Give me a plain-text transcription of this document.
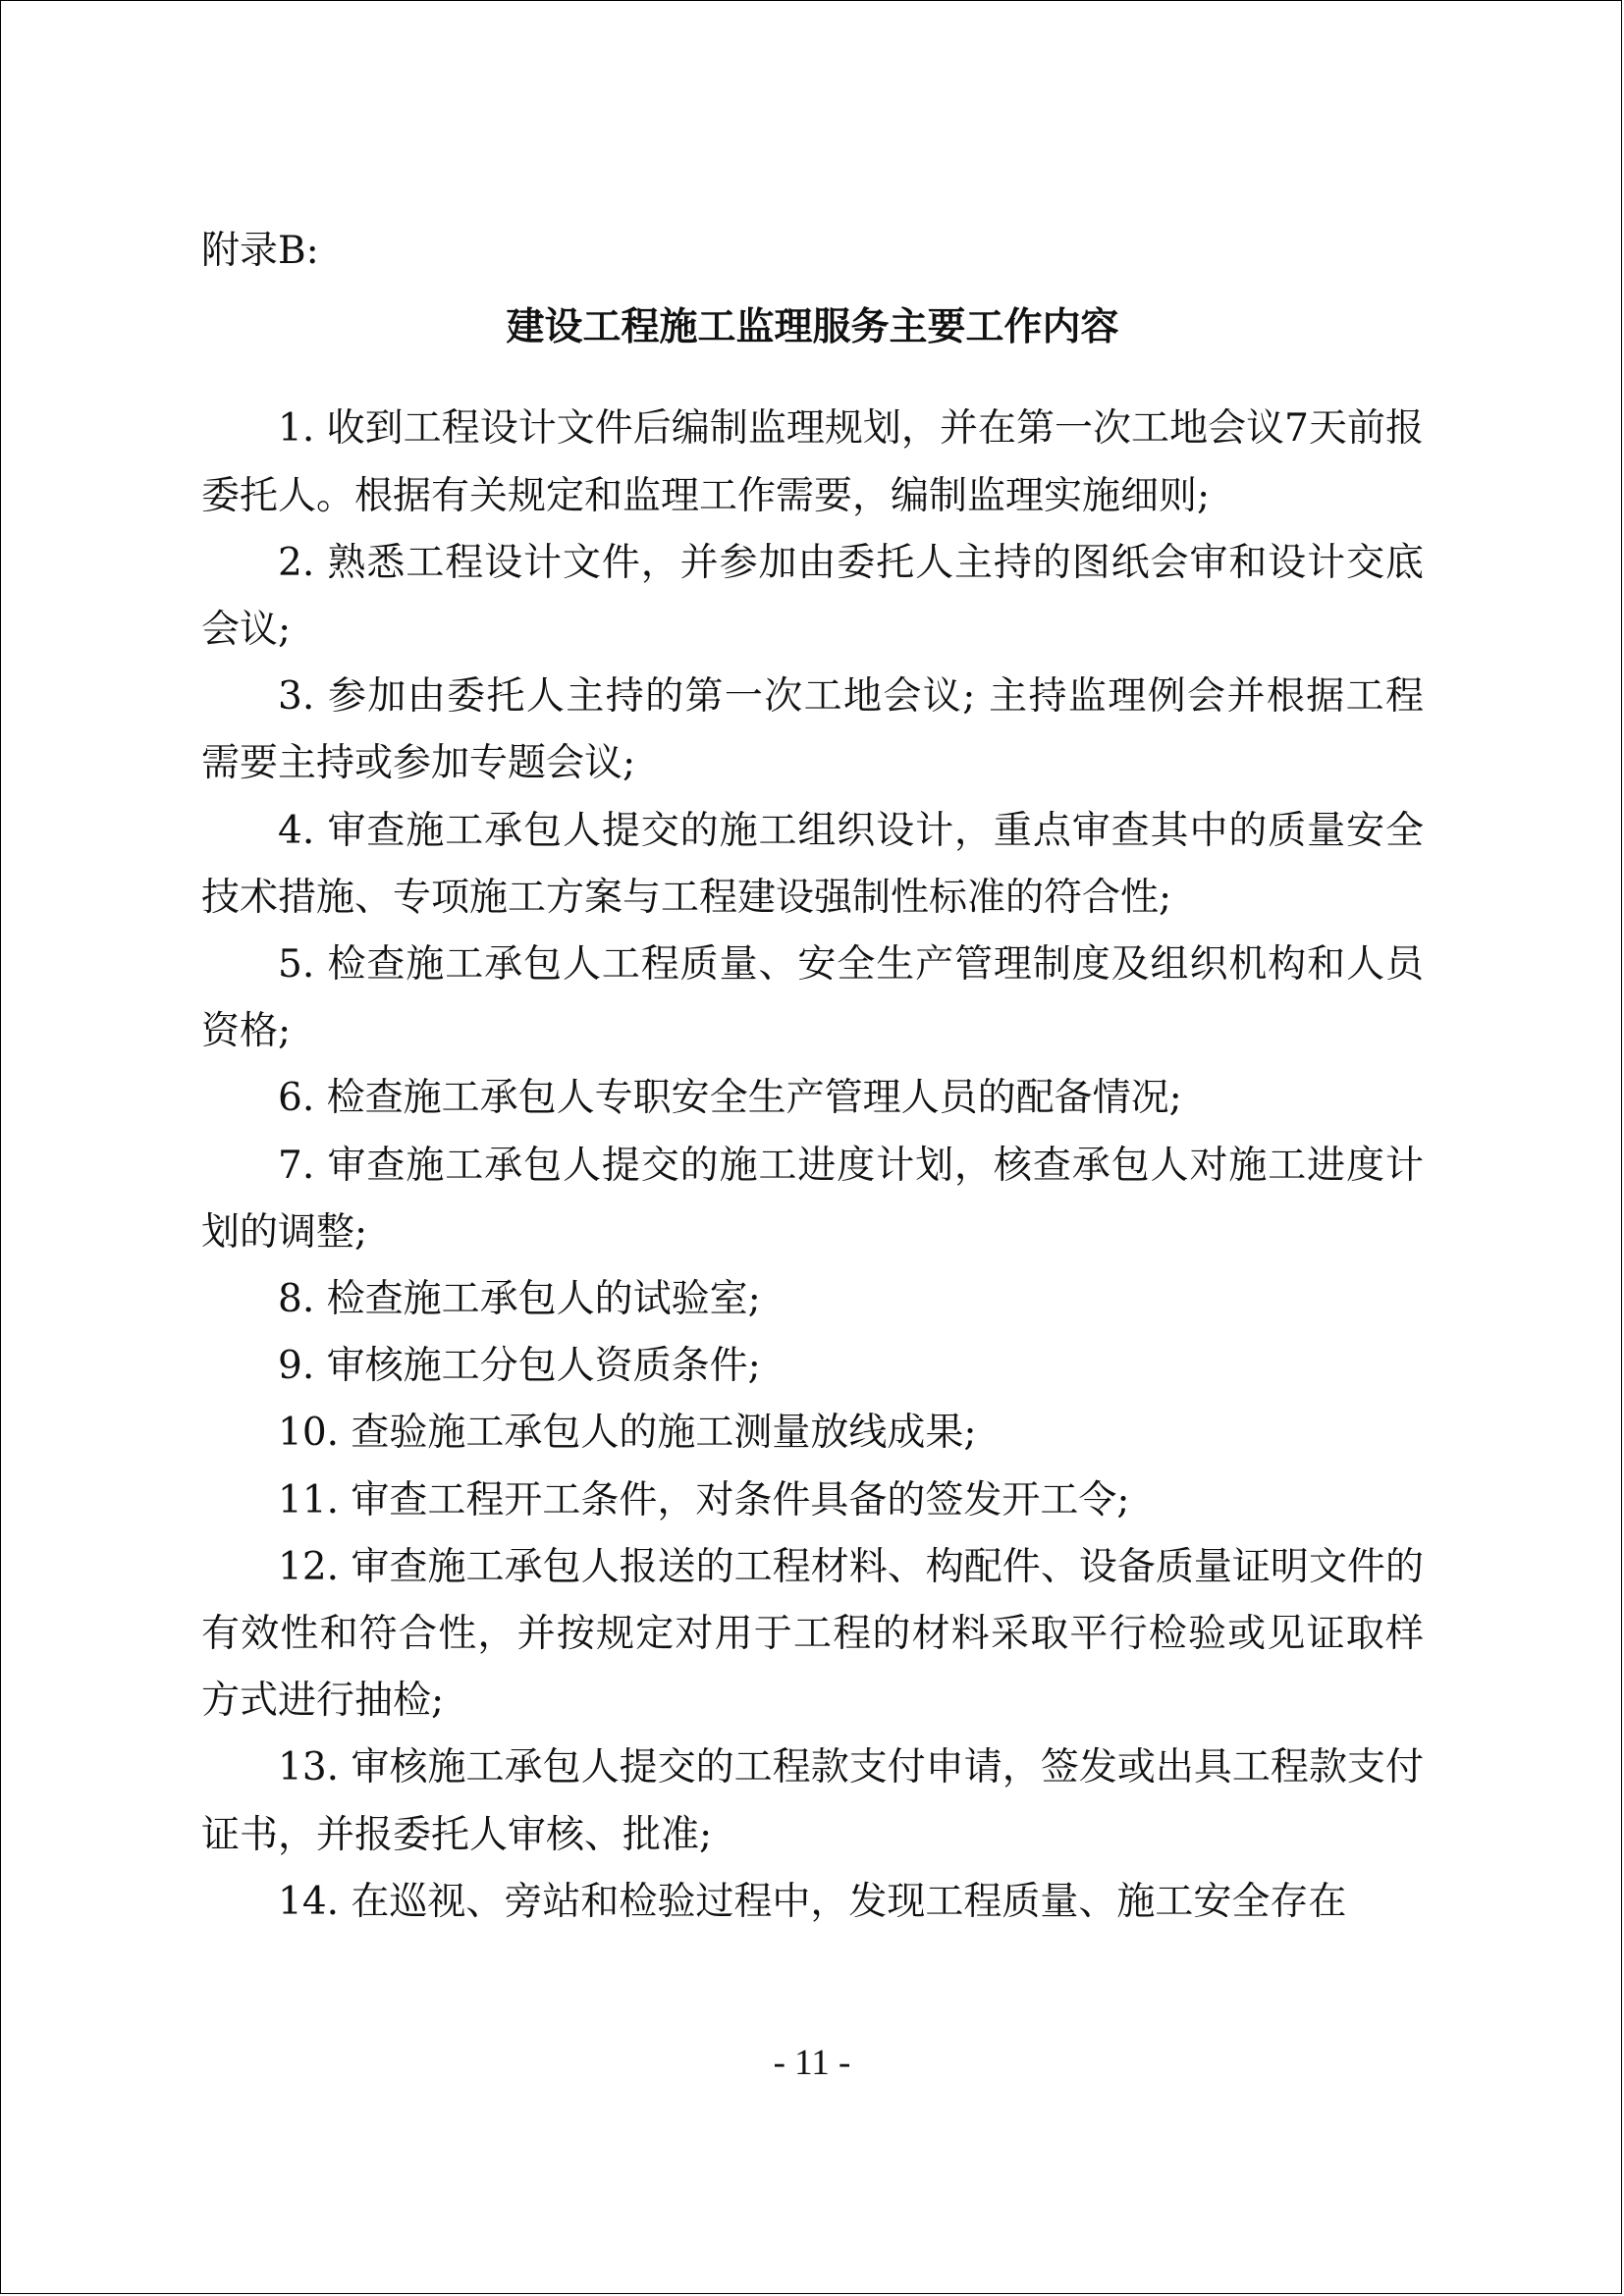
附录B:

建设工程施工监理服务主要工作内容

1. 收到工程设计文件后编制监理规划，并在第一次工地会议7天前报委托人。根据有关规定和监理工作需要，编制监理实施细则;

2. 熟悉工程设计文件，并参加由委托人主持的图纸会审和设计交底会议;

3. 参加由委托人主持的第一次工地会议; 主持监理例会并根据工程需要主持或参加专题会议;

4. 审查施工承包人提交的施工组织设计，重点审查其中的质量安全技术措施、专项施工方案与工程建设强制性标准的符合性;

5. 检查施工承包人工程质量、安全生产管理制度及组织机构和人员资格;

6. 检查施工承包人专职安全生产管理人员的配备情况;

7. 审查施工承包人提交的施工进度计划，核查承包人对施工进度计划的调整;

8. 检查施工承包人的试验室;

9. 审核施工分包人资质条件;

10. 查验施工承包人的施工测量放线成果;

11. 审查工程开工条件，对条件具备的签发开工令;

12. 审查施工承包人报送的工程材料、构配件、设备质量证明文件的有效性和符合性，并按规定对用于工程的材料采取平行检验或见证取样方式进行抽检;

13. 审核施工承包人提交的工程款支付申请，签发或出具工程款支付证书，并报委托人审核、批准;

14. 在巡视、旁站和检验过程中，发现工程质量、施工安全存在

- 11 -
